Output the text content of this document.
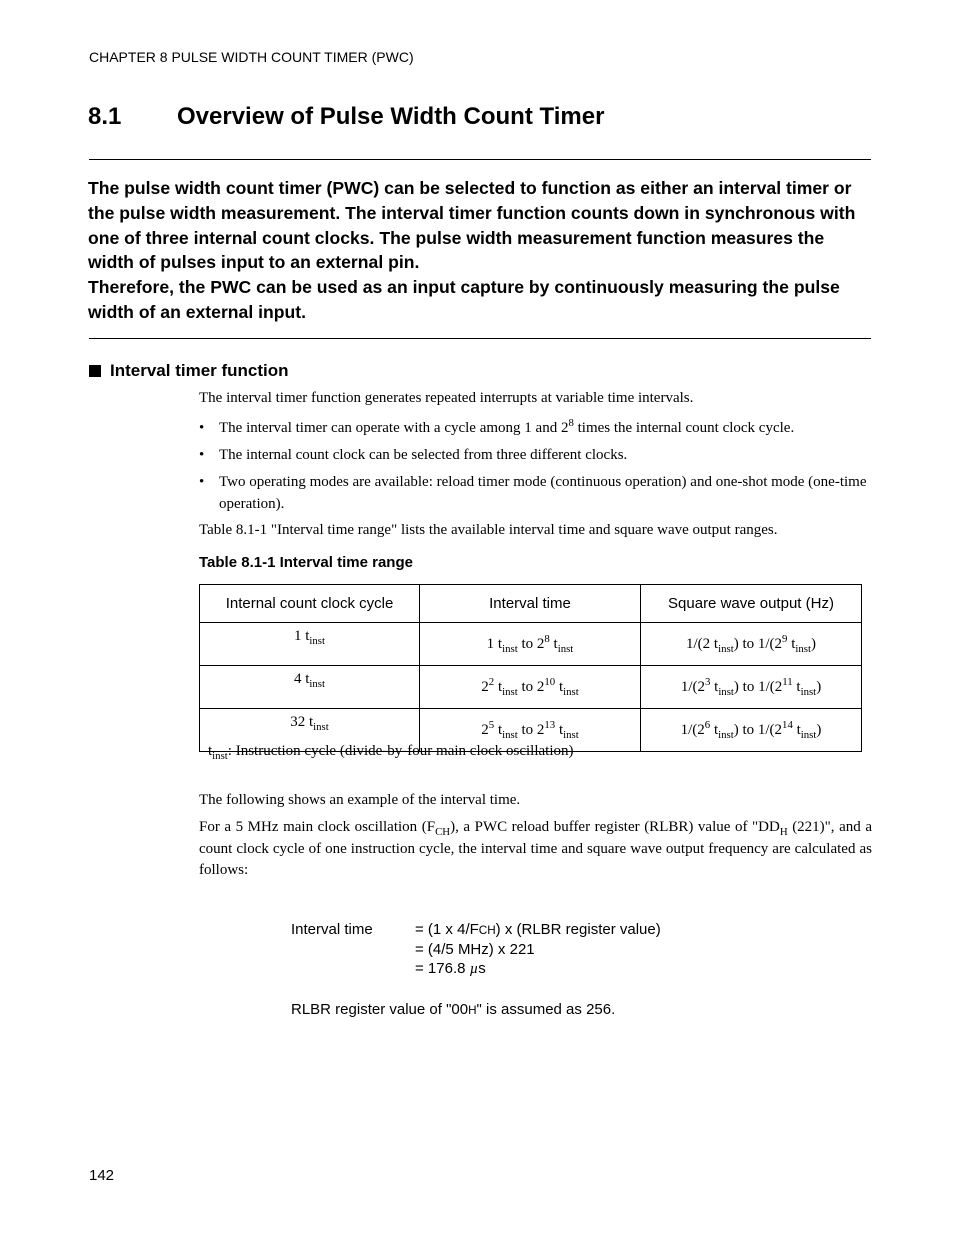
CHAPTER 8 PULSE WIDTH COUNT TIMER (PWC)
8.1 Overview of Pulse Width Count Timer

The pulse width count timer (PWC) can be selected to function as either an interval timer or the pulse width measurement. The interval timer function counts down in synchronous with one of three internal count clocks. The pulse width measurement function measures the width of pulses input to an external pin.

Therefore, the PWC can be used as an input capture by continuously measuring the pulse width of an external input.

Interval timer function
The interval timer function generates repeated interrupts at variable time intervals.
• The interval timer can operate with a cycle among 1 and $2^8$ times the internal count clock cycle.
• The internal count clock can be selected from three different clocks.
• Two operating modes are available: reload timer mode (continuous operation) and one-shot mode (one-time operation).
Table 8.1-1 "Interval time range" lists the available interval time and square wave output ranges.
Table 8.1-1 Interval time range
Internal count clock cycle	Interval time	Square wave output (Hz)
1 $t_{inst}$	1 $t_{inst}$ to $2^8$ $t_{inst}$	1/(2 $t_{inst}$) to $1/(2^9$ $t_{inst}$)
4 $t_{inst}$	$2^2$ $t_{inst}$ to $2^{10}$ $t_{inst}$	$1/(2^3$ $t_{inst}$) to $1/(2^{11}$ $t_{inst}$)
32 $t_{inst}$	$2^5$ $t_{inst}$ to $2^{13}$ $t_{inst}$	$1/(2^6$ $t_{inst}$) to $1/(2^{14}$ $t_{inst}$)
$t_{inst}$: Instruction cycle (divide-by-four main clock oscillation)
The following shows an example of the interval time.
For a 5 MHz main clock oscillation $(F_{CH})$, a PWC reload buffer register (RLBR) value of "$DD_H$ (221)", and a count clock cycle of one instruction cycle, the interval time and square wave output frequency are calculated as follows:
Interval time	= (1 x 4/FCH) x (RLBR register value)
= (4/5 MHz) x 221
= 176.8 µs
RLBR register value of "00H" is assumed as 256.
142
